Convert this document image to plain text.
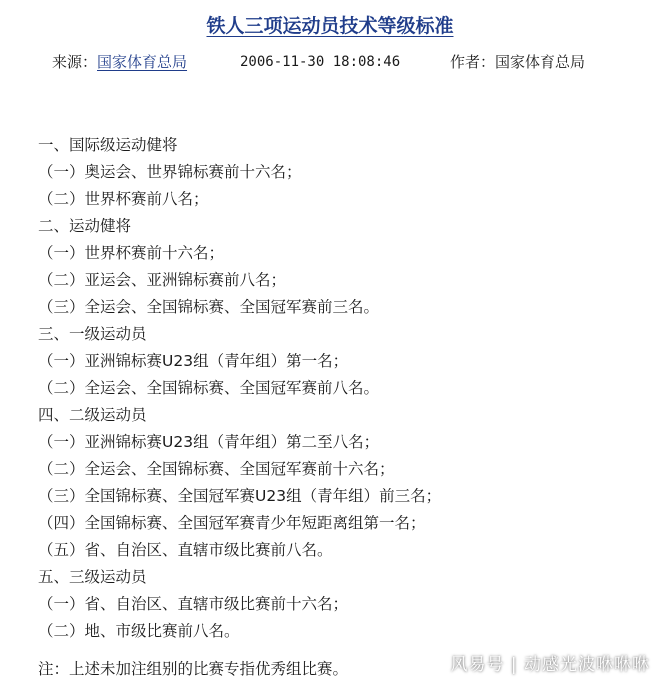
铁人三项运动员技术等级标准
来源：国家体育总局	2006-11-30 18:08:46	作者：国家体育总局
一、国际级运动健将
（一）奥运会、世界锦标赛前十六名；
（二）世界杯赛前八名；
二、运动健将
（一）世界杯赛前十六名；
（二）亚运会、亚洲锦标赛前八名；
（三）全运会、全国锦标赛、全国冠军赛前三名。
三、一级运动员
（一）亚洲锦标赛U23组（青年组）第一名；
（二）全运会、全国锦标赛、全国冠军赛前八名。
四、二级运动员
（一）亚洲锦标赛U23组（青年组）第二至八名；
（二）全运会、全国锦标赛、全国冠军赛前十六名；
（三）全国锦标赛、全国冠军赛U23组（青年组）前三名；
（四）全国锦标赛、全国冠军赛青少年短距离组第一名；
（五）省、自治区、直辖市级比赛前八名。
五、三级运动员
（一）省、自治区、直辖市级比赛前十六名；
（二）地、市级比赛前八名。
注：上述未加注组别的比赛专指优秀组比赛。	风易号 | 动感光波咻咻咻
